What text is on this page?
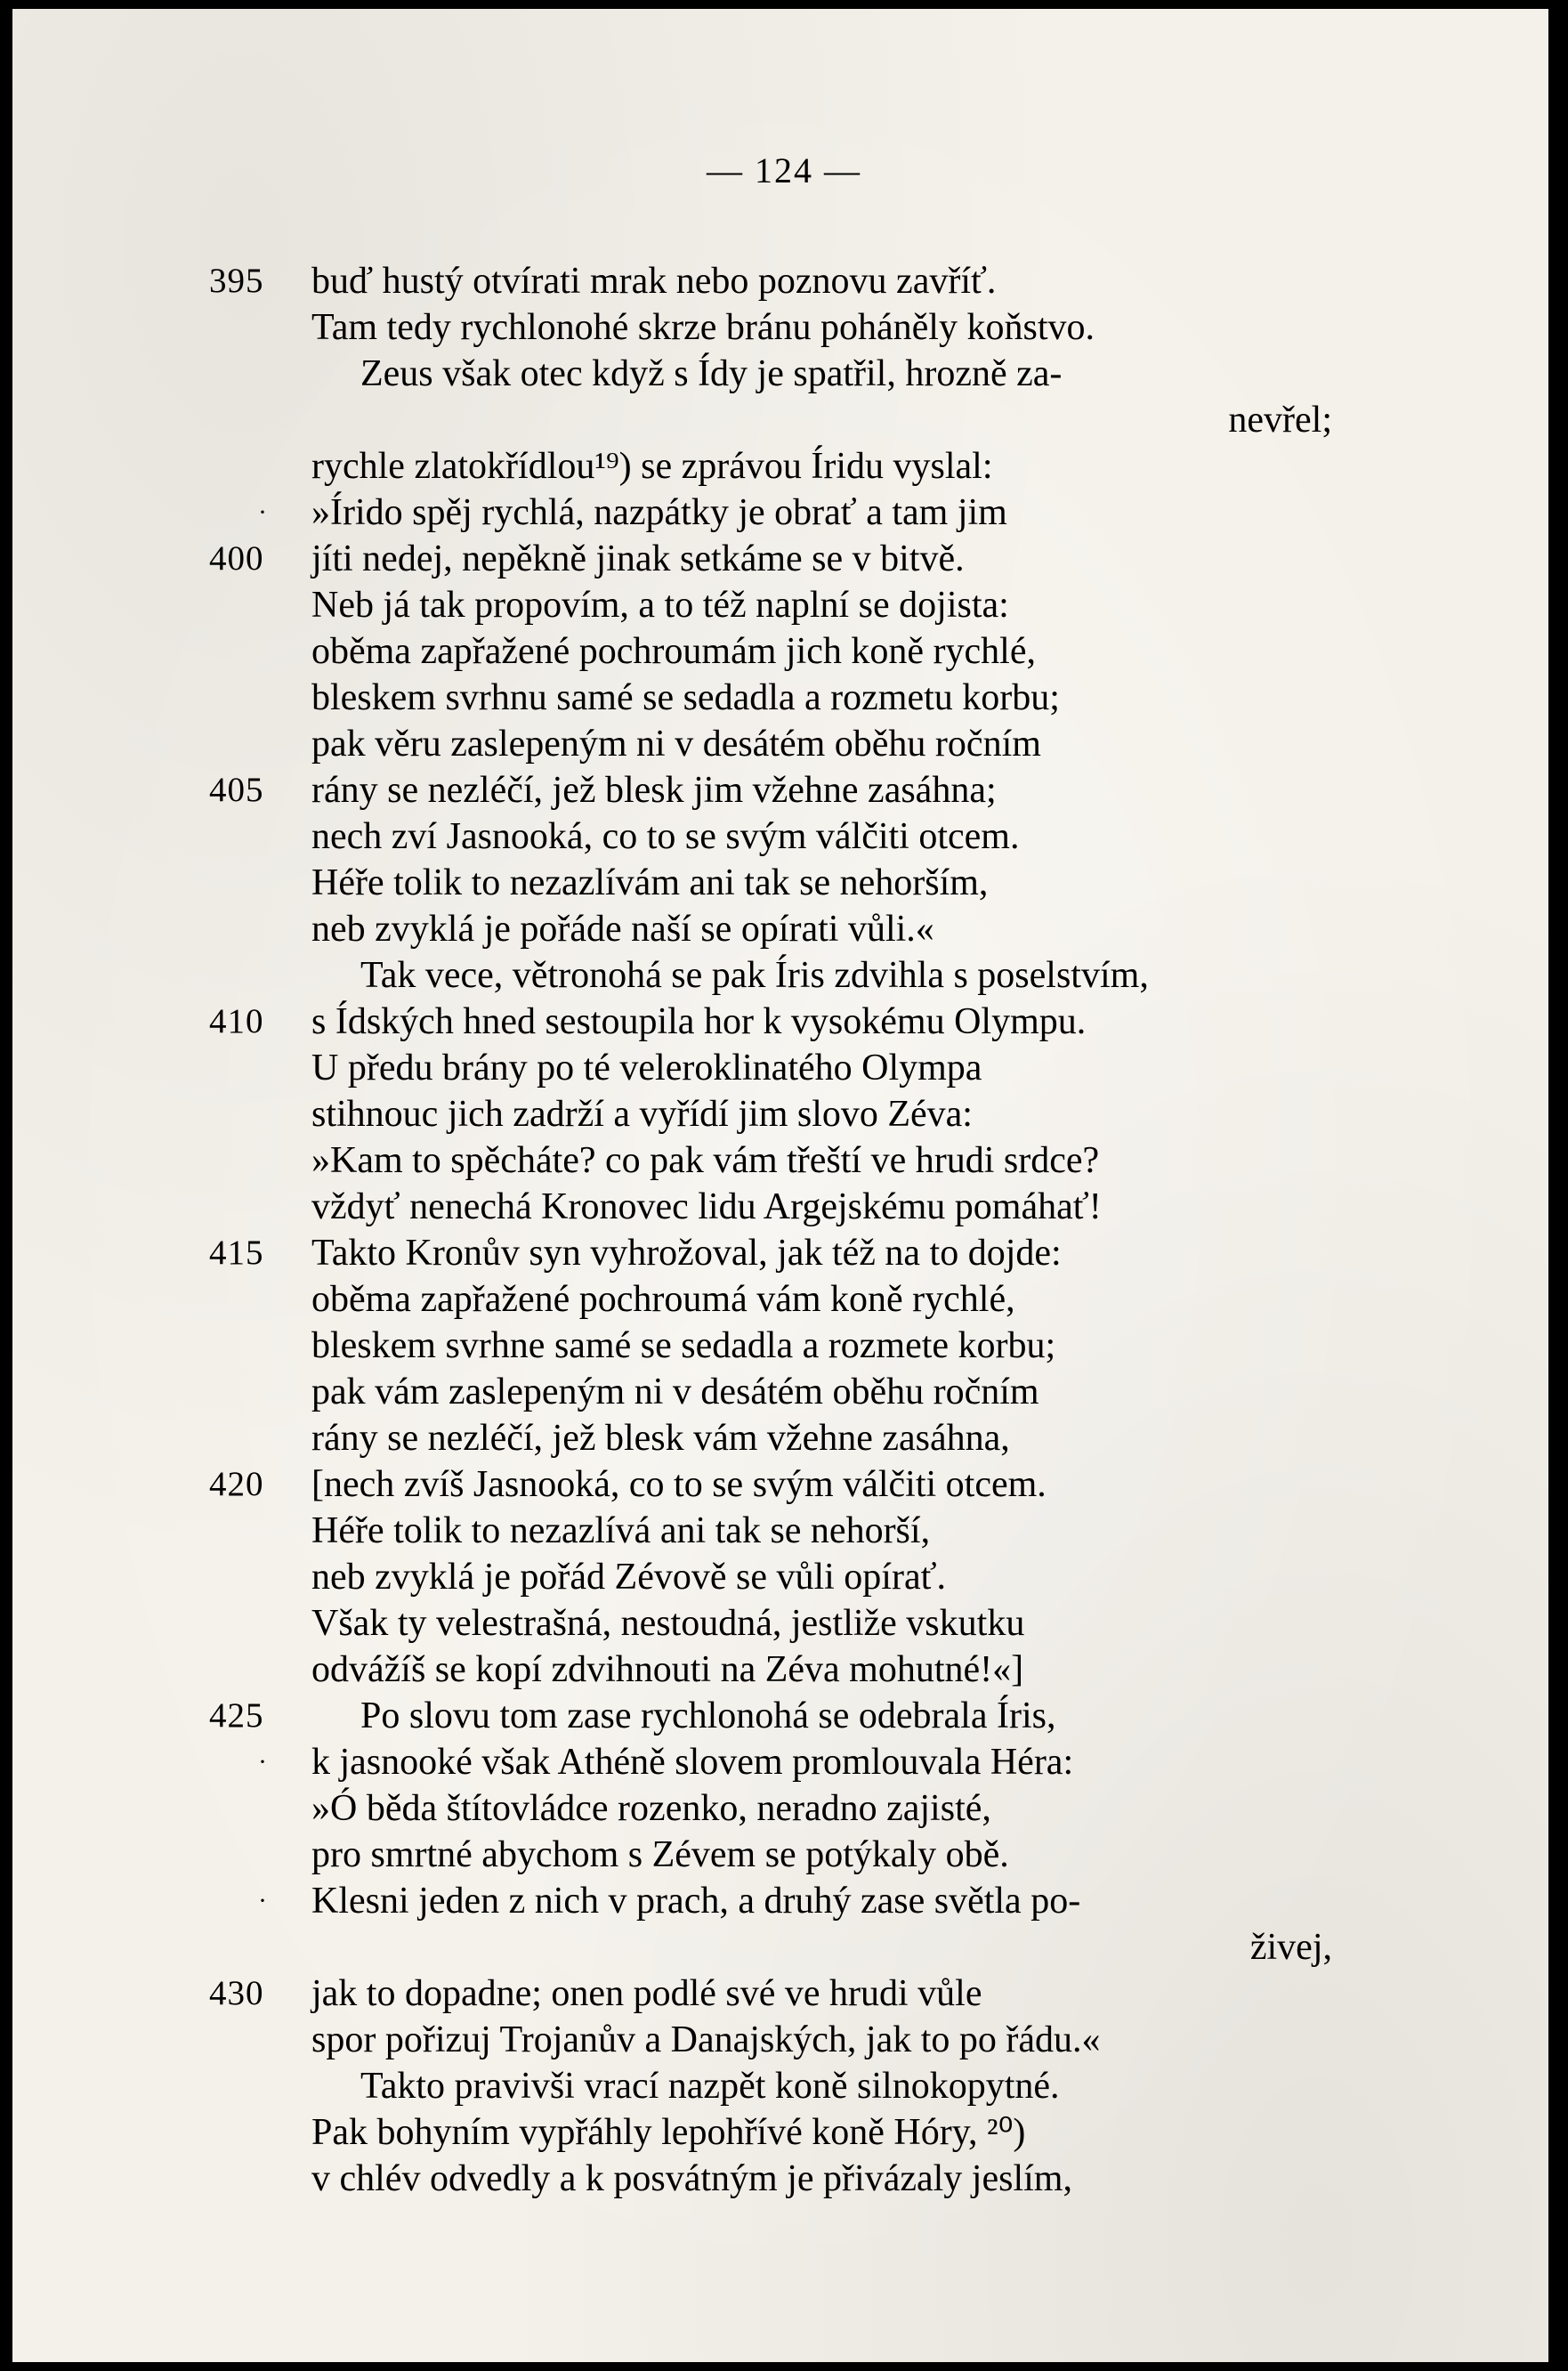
— 124 —
395	buď hustý otvírati mrak nebo poznovu zavříť.
Tam tedy rychlonohé skrze bránu poháněly koňstvo.
Zeus však otec když s Ídy je spatřil, hrozně za-
nevřel;
rychle zlatokřídlou¹⁹) se zprávou Íridu vyslal:
· »Írido spěj rychlá, nazpátky je obrať a tam jim
400	jíti nedej, nepěkně jinak setkáme se v bitvě.
Neb já tak propovím, a to též naplní se dojista:
oběma zapřažené pochroumám jich koně rychlé,
bleskem svrhnu samé se sedadla a rozmetu korbu;
pak věru zaslepeným ni v desátém oběhu ročním
405	rány se nezléčí, jež blesk jim vžehne zasáhna;
nech zví Jasnooká, co to se svým válčiti otcem.
Héře tolik to nezazlívám ani tak se nehorším,
neb zvyklá je pořáde naší se opírati vůli.«
Tak vece, větronohá se pak Íris zdvihla s poselstvím,
410	s Ídských hned sestoupila hor k vysokému Olympu.
U předu brány po té veleroklinatého Olympa
stihnouc jich zadrží a vyřídí jim slovo Zéva:
»Kam to spěcháte? co pak vám třeští ve hrudi srdce?
vždyť nenechá Kronovec lidu Argejskému pomáhať!
415	Takto Kronův syn vyhrožoval, jak též na to dojde:
oběma zapřažené pochroumá vám koně rychlé,
bleskem svrhne samé se sedadla a rozmete korbu;
pak vám zaslepeným ni v desátém oběhu ročním
rány se nezléčí, jež blesk vám vžehne zasáhna,
420	[nech zvíš Jasnooká, co to se svým válčiti otcem.
Héře tolik to nezazlívá ani tak se nehorší,
neb zvyklá je pořád Zévově se vůli opírať.
Však ty velestrašná, nestoudná, jestliže vskutku
odvážíš se kopí zdvihnouti na Zéva mohutné!«]
425	Po slovu tom zase rychlonohá se odebrala Íris,
· k jasnooké však Athéně slovem promlouvala Héra:
»Ó běda štítovládce rozenko, neradno zajisté,
pro smrtné abychom s Zévem se potýkaly obě.
· Klesni jeden z nich v prach, a druhý zase světla po-
živej,
430	jak to dopadne; onen podlé své ve hrudi vůle
spor pořizuj Trojanův a Danajských, jak to po řádu.«
Takto pravivši vrací nazpět koně silnokopytné.
Pak bohyním vypřáhly lepohřívé koně Hóry, ²⁰)
v chlév odvedly a k posvátným je přivázaly jeslím,
